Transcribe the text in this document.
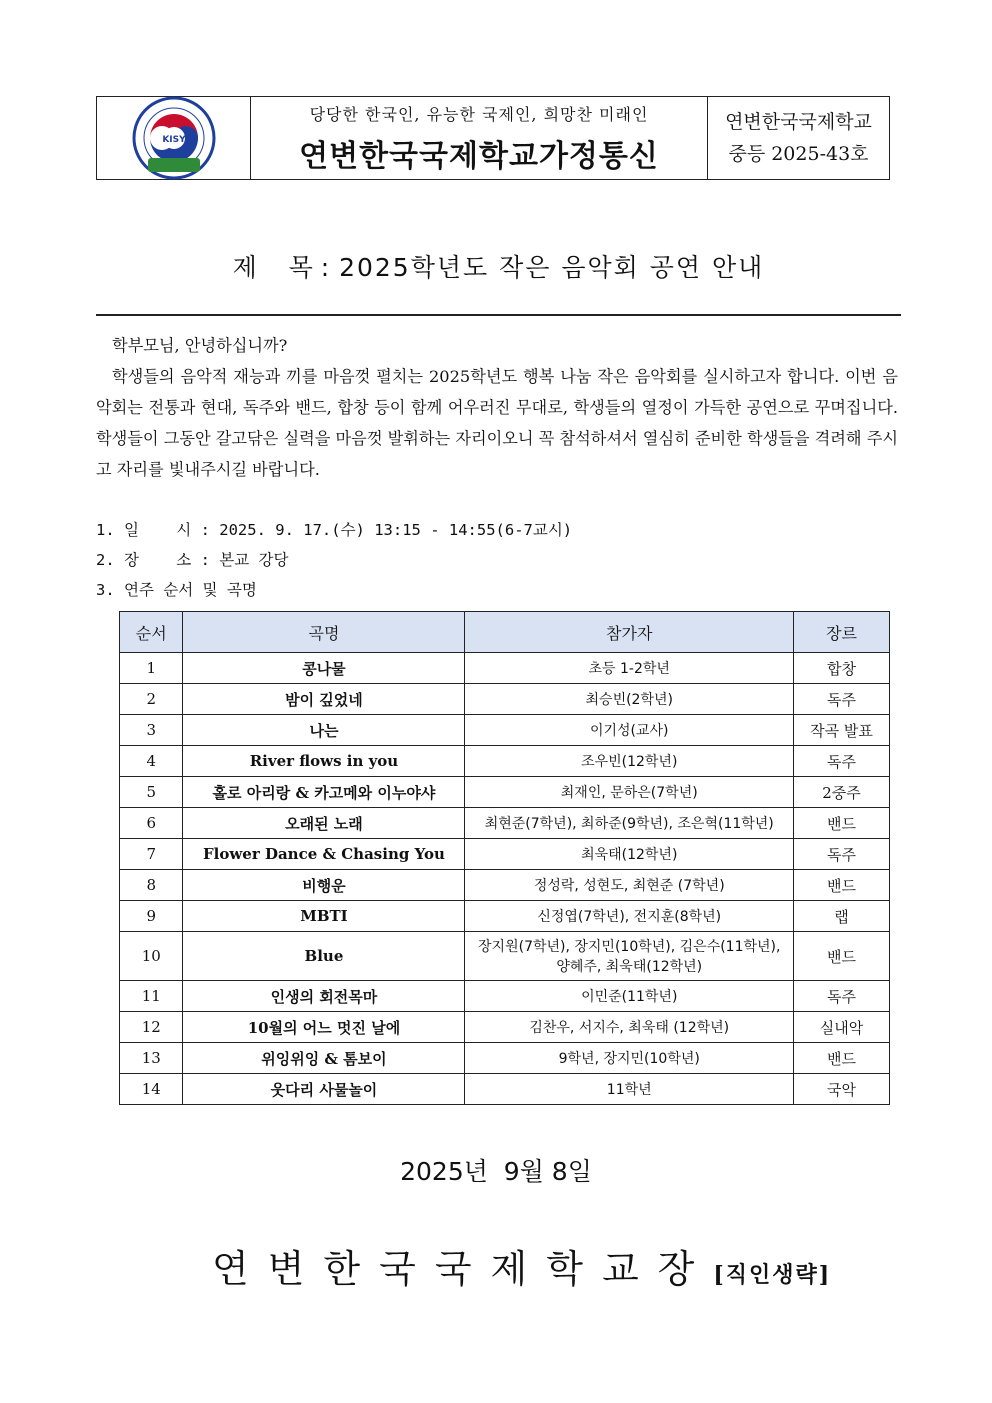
KISY
당당한 한국인, 유능한 국제인, 희망찬 미래인
연변한국국제학교가정통신
연변한국국제학교
중등 2025-43호
제    목 : 2025학년도 작은 음악회 공연 안내

학부모님, 안녕하십니까?

학생들의 음악적 재능과 끼를 마음껏 펼치는 2025학년도 행복 나눔 작은 음악회를 실시하고자 합니다. 이번 음악회는 전통과 현대, 독주와 밴드, 합창 등이 함께 어우러진 무대로, 학생들의 열정이 가득한 공연으로 꾸며집니다. 학생들이 그동안 갈고닦은 실력을 마음껏 발휘하는 자리이오니 꼭 참석하셔서 열심히 준비한 학생들을 격려해 주시고 자리를 빛내주시길 바랍니다.

1. 일    시 : 2025. 9. 17.(수) 13:15 - 14:55(6-7교시)
2. 장    소 : 본교 강당
3. 연주 순서 및 곡명
순서	곡명	참가자	장르
1	콩나물	초등 1-2학년	합창
2	밤이 깊었네	최승빈(2학년)	독주
3	나는	이기성(교사)	작곡 발표
4	River flows in you	조우빈(12학년)	독주
5	홀로 아리랑 & 카고메와 이누야샤	최재인, 문하은(7학년)	2중주
6	오래된 노래	최현준(7학년), 최하준(9학년), 조은혁(11학년)	밴드
7	Flower Dance & Chasing You	최욱태(12학년)	독주
8	비행운	정성락, 성현도, 최현준 (7학년)	밴드
9	MBTI	신정엽(7학년), 전지훈(8학년)	랩
10	Blue	장지원(7학년), 장지민(10학년), 김은수(11학년), 양혜주, 최욱태(12학년)	밴드
11	인생의 회전목마	이민준(11학년)	독주
12	10월의 어느 멋진 날에	김찬우, 서지수, 최욱태 (12학년)	실내악
13	위잉위잉 & 톰보이	9학년, 장지민(10학년)	밴드
14	웃다리 사물놀이	11학년	국악
2025년  9월 8일
연변한국국제학교장[직인생략]
